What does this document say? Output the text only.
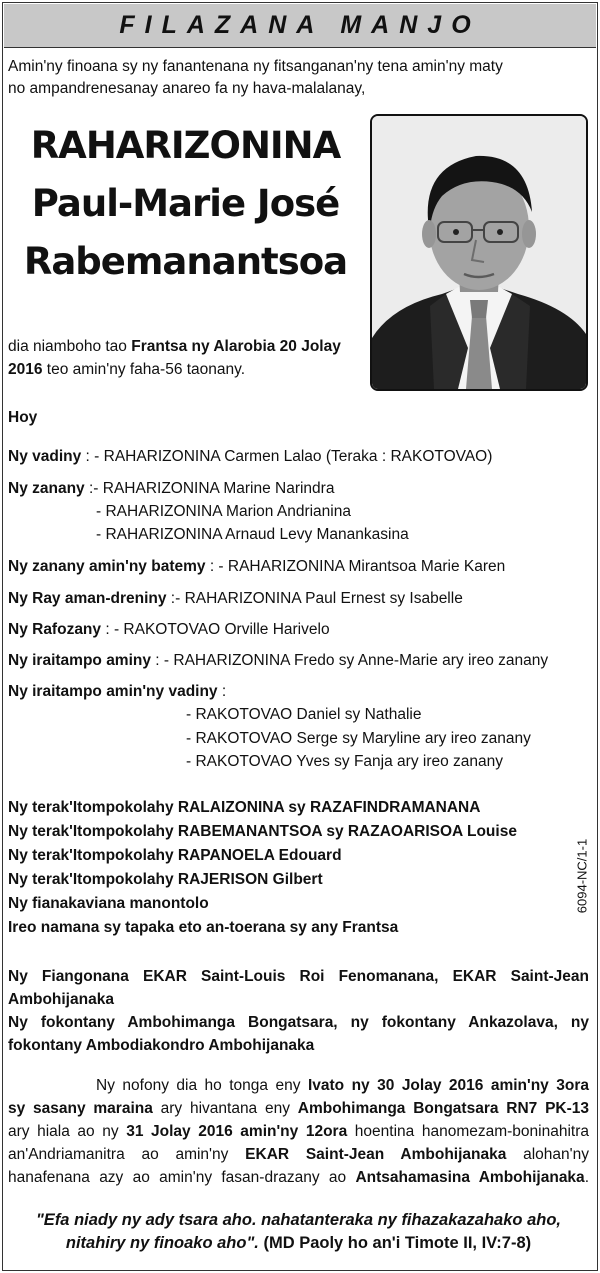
FILAZANA MANJO
Amin'ny finoana sy ny fanantenana ny fitsanganan'ny tena amin'ny maty
no ampandrenesanay anareo fa ny hava-malalanay,
RAHARIZONINA
Paul-Marie José
Rabemanantsoa
dia niamboho tao Frantsa ny Alarobia 20 Jolay
2016 teo amin'ny faha-56 taonany.
Hoy
Ny vadiny : - RAHARIZONINA Carmen Lalao (Teraka : RAKOTOVAO)
Ny zanany :- RAHARIZONINA Marine Narindra
- RAHARIZONINA Marion Andrianina
- RAHARIZONINA Arnaud Levy Manankasina
Ny zanany amin'ny batemy : - RAHARIZONINA Mirantsoa Marie Karen
Ny Ray aman-dreniny :- RAHARIZONINA Paul Ernest sy Isabelle
Ny Rafozany : - RAKOTOVAO Orville Harivelo
Ny iraitampo aminy : - RAHARIZONINA Fredo sy Anne-Marie ary ireo zanany
Ny iraitampo amin'ny vadiny :
- RAKOTOVAO Daniel sy Nathalie
- RAKOTOVAO Serge sy Maryline ary ireo zanany
- RAKOTOVAO Yves sy Fanja ary ireo zanany
Ny terak'Itompokolahy RALAIZONINA sy RAZAFINDRAMANANA
Ny terak'Itompokolahy RABEMANANTSOA sy RAZAOARISOA Louise
Ny terak'Itompokolahy RAPANOELA Edouard
Ny terak'Itompokolahy RAJERISON Gilbert
Ny fianakaviana manontolo
Ireo namana sy tapaka eto an-toerana sy any Frantsa
6094-NC/1-1
Ny Fiangonana EKAR Saint-Louis Roi Fenomanana, EKAR Saint-Jean
Ambohijanaka
Ny fokontany Ambohimanga Bongatsara, ny fokontany Ankazolava, ny
fokontany Ambodiakondro Ambohijanaka
Ny nofony dia ho tonga eny Ivato ny 30 Jolay 2016 amin'ny 3ora
sy sasany maraina ary hivantana eny Ambohimanga Bongatsara RN7 PK-13
ary hiala ao ny 31 Jolay 2016 amin'ny 12ora hoentina hanomezam-boninahitra
an'Andriamanitra ao amin'ny EKAR Saint-Jean Ambohijanaka alohan'ny
hanafenana azy ao amin'ny fasan-drazany ao Antsahamasina Ambohijanaka.
"Efa niady ny ady tsara aho. nahatanteraka ny fihazakazahako aho,
nitahiry ny finoako aho". (MD Paoly ho an'i Timote II, IV:7-8)
